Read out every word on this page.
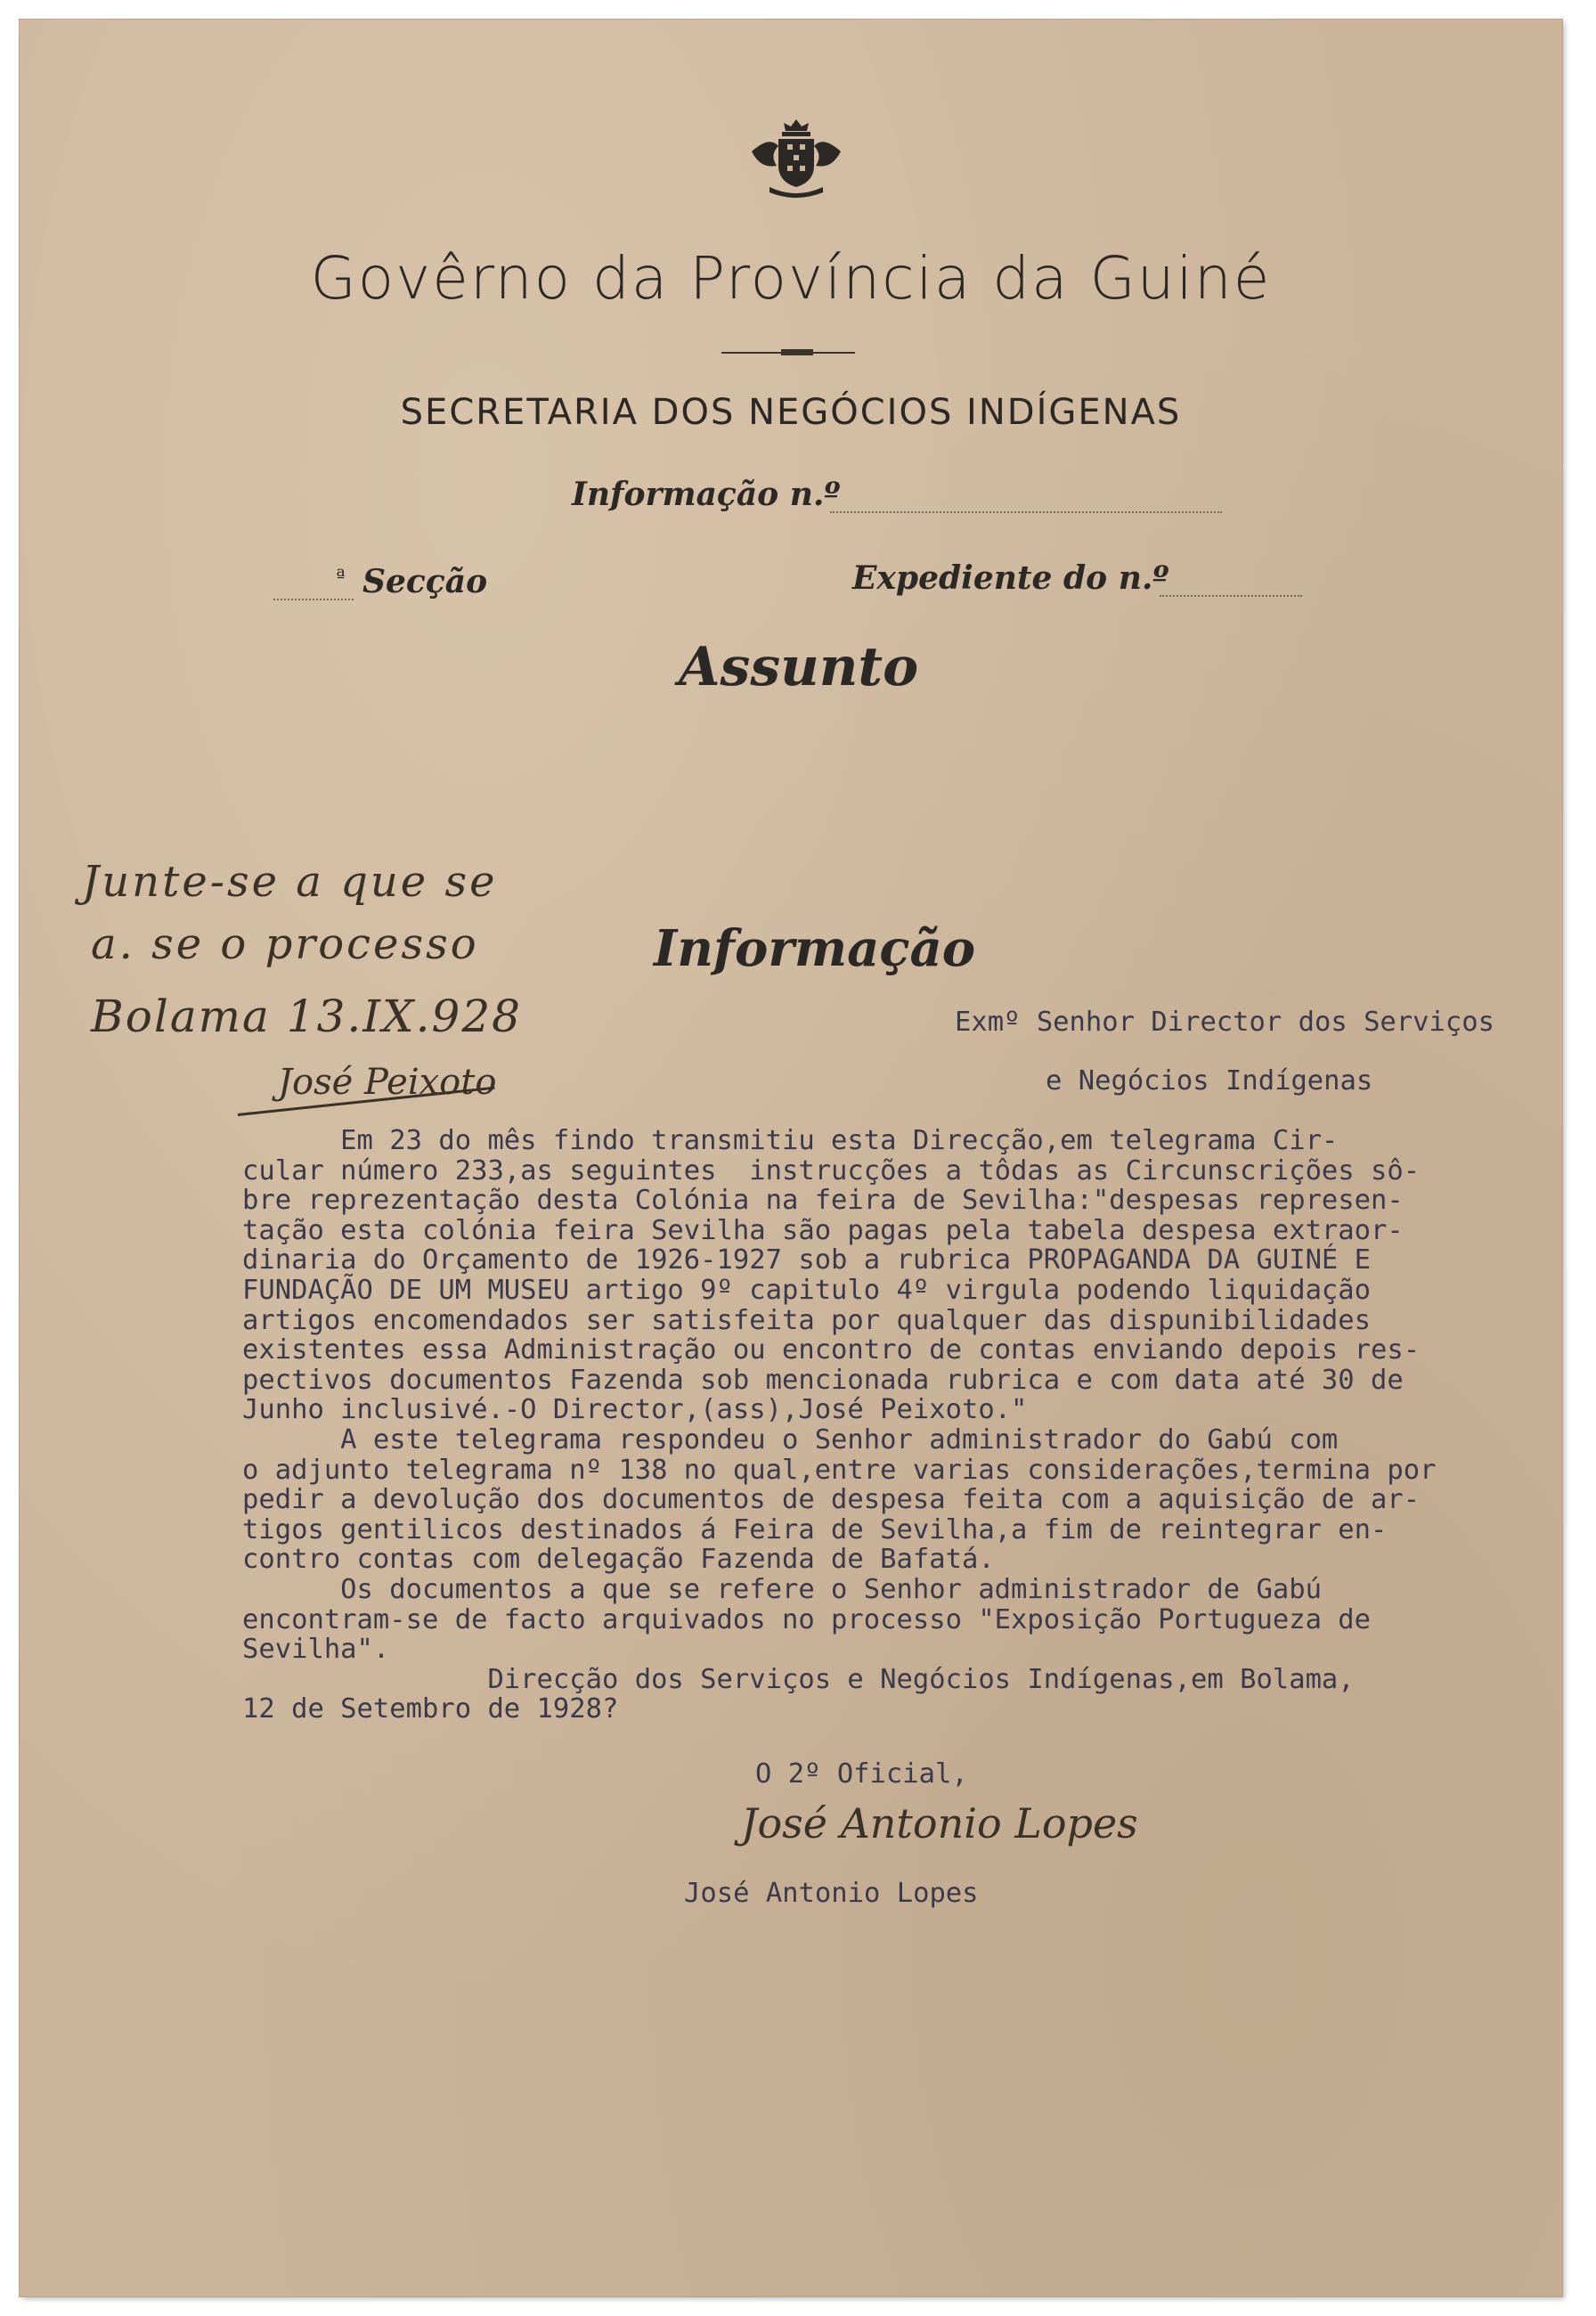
Govêrno da Província da Guiné
SECRETARIA DOS NEGÓCIOS INDÍGENAS
Informação n.º
ª Secção	Expediente do n.º
Assunto
Junte-se a que se
a. se o processo
Bolama 13.IX.928
José Peixoto
Informação
Exmº Senhor Director dos Serviços
e Negócios Indígenas
Em 23 do mês findo transmitiu esta Direcção,em telegrama Cir-
cular número 233,as seguintes  instrucções a tôdas as Circunscrições sô-
bre reprezentação desta Colónia na feira de Sevilha:"despesas represen-
tação esta colónia feira Sevilha são pagas pela tabela despesa extraor-
dinaria do Orçamento de 1926-1927 sob a rubrica PROPAGANDA DA GUINÉ E
FUNDAÇÃO DE UM MUSEU artigo 9º capitulo 4º virgula podendo liquidação
artigos encomendados ser satisfeita por qualquer das dispunibilidades
existentes essa Administração ou encontro de contas enviando depois res-
pectivos documentos Fazenda sob mencionada rubrica e com data até 30 de
Junho inclusivé.-O Director,(ass),José Peixoto."
A este telegrama respondeu o Senhor administrador do Gabú com
o adjunto telegrama nº 138 no qual,entre varias considerações,termina por
pedir a devolução dos documentos de despesa feita com a aquisição de ar-
tigos gentilicos destinados á Feira de Sevilha,a fim de reintegrar en-
contro contas com delegação Fazenda de Bafatá.
Os documentos a que se refere o Senhor administrador de Gabú
encontram-se de facto arquivados no processo "Exposição Portugueza de
Sevilha".
Direcção dos Serviços e Negócios Indígenas,em Bolama,
12 de Setembro de 1928?
O 2º Oficial,
José Antonio Lopes
José Antonio Lopes
